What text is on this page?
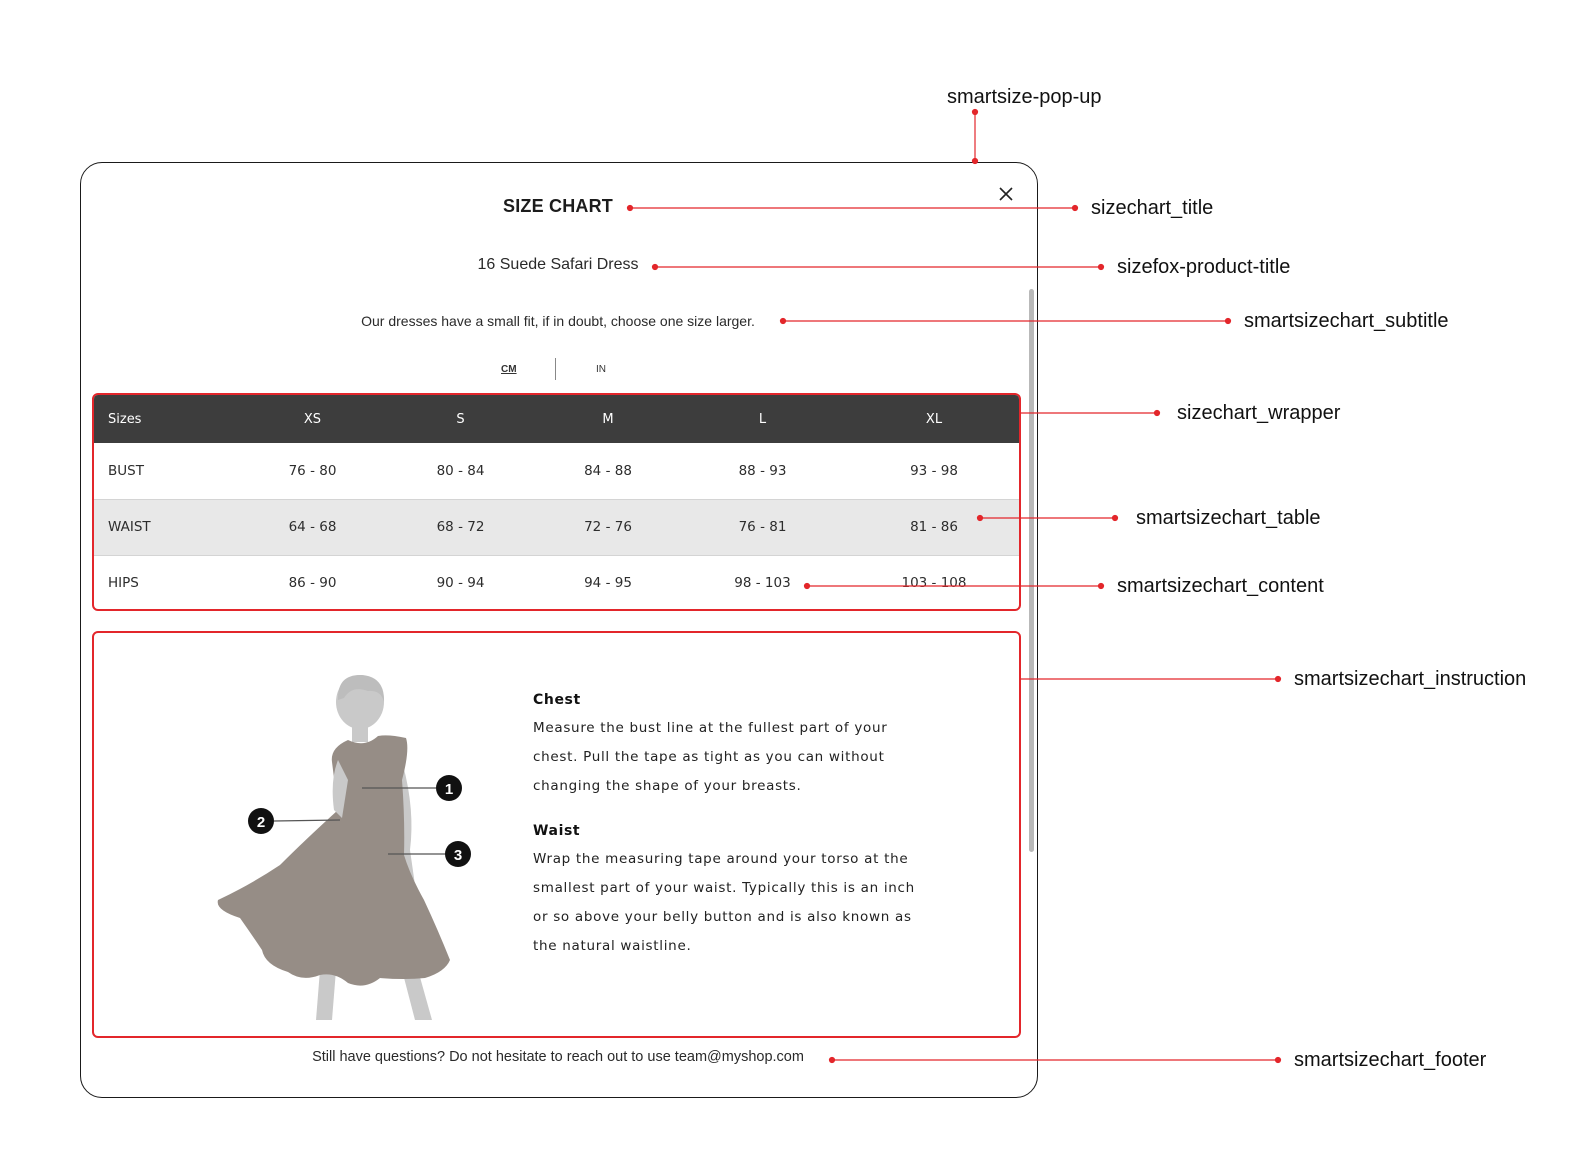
SIZE CHART
16 Suede Safari Dress
Our dresses have a small fit, if in doubt, choose one size larger.
CM	IN
Sizes	XS	S	M	L	XL
BUST	76 - 80	80 - 84	84 - 88	88 - 93	93 - 98
WAIST	64 - 68	68 - 72	72 - 76	76 - 81	81 - 86
HIPS	86 - 90	90 - 94	94 - 95	98 - 103	103 - 108
1
2
3
Chest
Measure the bust line at the fullest part of your
chest. Pull the tape as tight as you can without
changing the shape of your breasts.
Waist
Wrap the measuring tape around your torso at the
smallest part of your waist. Typically this is an inch
or so above your belly button and is also known as
the natural waistline.
Still have questions? Do not hesitate to reach out to use team@myshop.com
smartsize-pop-up
sizechart_title
sizefox-product-title
smartsizechart_subtitle
sizechart_wrapper
smartsizechart_table
smartsizechart_content
smartsizechart_instruction
smartsizechart_footer
